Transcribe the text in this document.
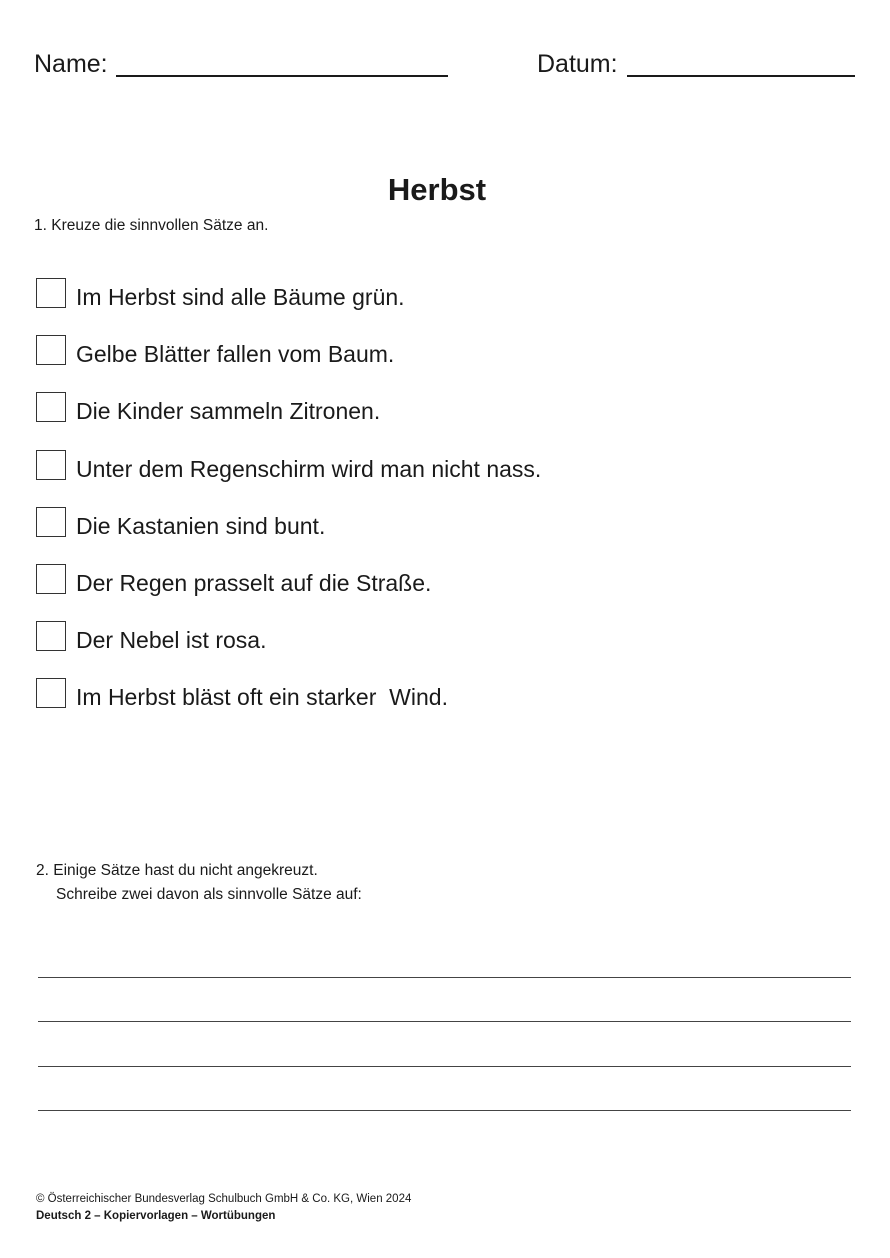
Name:	Datum:
Herbst
1. Kreuze die sinnvollen Sätze an.
Im Herbst sind alle Bäume grün.
Gelbe Blätter fallen vom Baum.
Die Kinder sammeln Zitronen.
Unter dem Regenschirm wird man nicht nass.
Die Kastanien sind bunt.
Der Regen prasselt auf die Straße.
Der Nebel ist rosa.
Im Herbst bläst oft ein starker  Wind.
2. Einige Sätze hast du nicht angekreuzt.
Schreibe zwei davon als sinnvolle Sätze auf:
© Österreichischer Bundesverlag Schulbuch GmbH & Co. KG, Wien 2024
Deutsch 2 – Kopiervorlagen – Wortübungen
